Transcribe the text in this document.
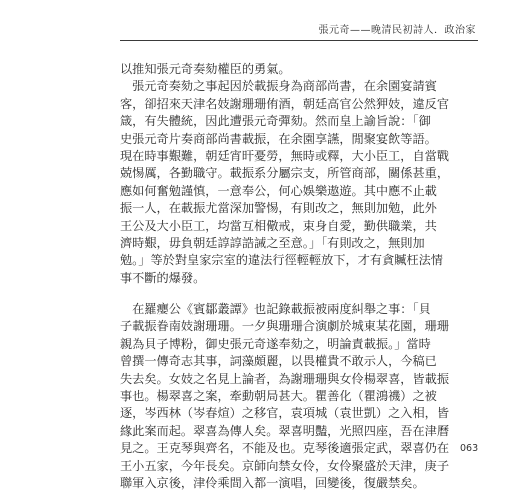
張元奇——晚清民初詩人．政治家
以推知張元奇奏劾權臣的勇氣。
　張元奇奏劾之事起因於載振身為商部尚書，在余園宴請賓
客，卻招來天津名妓謝珊珊侑酒，朝廷高官公然狎妓，違反官
箴，有失體統，因此遭張元奇彈劾。然而皇上諭旨說：「御
史張元奇片奏商部尚書載振，在余園享讌，閒聚宴飲等語。
現在時事艱難，朝廷宵旰憂勞，無時或釋，大小臣工，自當戰
兢惕厲，各勤職守。載振系分屬宗支，所管商部，關係甚重，
應如何奮勉謹慎，一意奉公，何心娛樂遨遊。其中應不止載
振一人，在載振尤當深加警惕，有則改之，無則加勉，此外
王公及大小臣工，均當互相儆戒，束身自愛，勤供職業，共
濟時艱，毋負朝廷諄諄誥誡之至意。」「有則改之，無則加
勉。」等於對皇家宗室的違法行徑輕輕放下，才有貪贓枉法情
事不斷的爆發。
　在羅癭公《賓鄒叢譚》也記錄載振被兩度糾舉之事：「貝
子載振眷南妓謝珊珊。一夕與珊珊合演劇於城東某花園，珊珊
親為貝子博粉，御史張元奇遂奉劾之，明論責載振。」當時
曾撰一傳奇志其事，詞藻頗麗，以畏權貴不敢示人，今稿已
失去矣。女妓之名見上論者，為謝珊珊與女伶楊翠喜，皆載振
事也。楊翠喜之案，牽動朝局甚大。瞿善化（瞿鴻禨）之被
逐，岑西林（岑春煊）之移官，袁項城（袁世凱）之入相，皆
緣此案而起。翠喜為傳人矣。翠喜明豔，光照四座，吾在津曆
見之。王克琴與齊名，不能及也。克琴後適張定武，翠喜仍在
王小五家，今年長矣。京師向禁女伶，女伶聚盛於天津，庚子
聯軍入京後，津伶乘間入都一演唱，回變後，復嚴禁矣。
063
